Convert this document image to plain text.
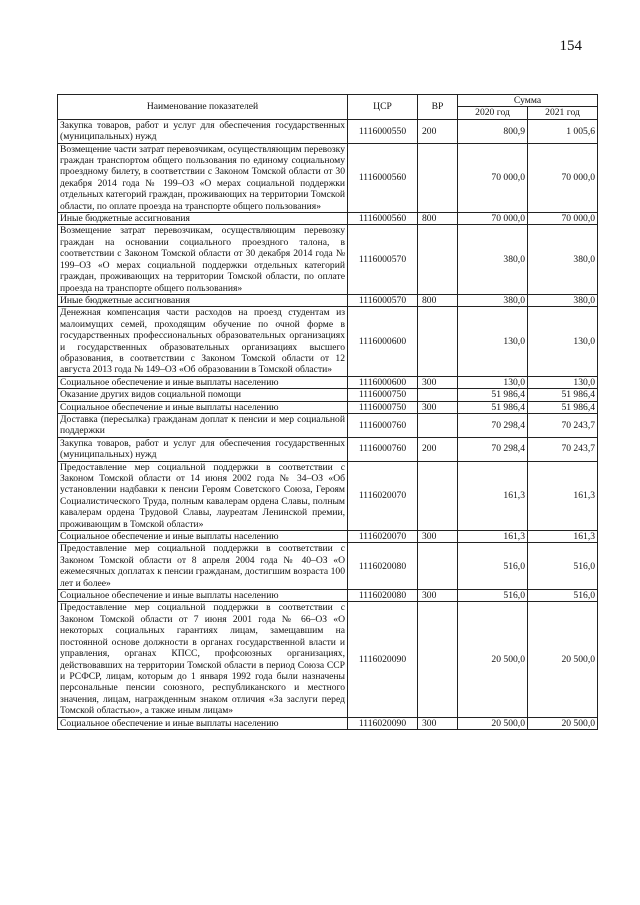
154
Наименование показателей	ЦСР	ВР	Сумма	
			2020 год	2021 год
Закупка товаров, работ и услуг для обеспечения государственных (муниципальных) нужд	1116000550	200	800,9	1 005,6
Возмещение части затрат перевозчикам, осуществляющим перевозку граждан транспортом общего пользования по единому социальному проездному билету, в соответствии с Законом Томской области от 30 декабря 2014 года № 199–ОЗ «О мерах социальной поддержки отдельных категорий граждан, проживающих на территории Томской области, по оплате проезда на транспорте общего пользования»	1116000560		70 000,0	70 000,0
Иные бюджетные ассигнования	1116000560	800	70 000,0	70 000,0
Возмещение затрат перевозчикам, осуществляющим перевозку граждан на основании социального проездного талона, в соответствии с Законом Томской области от 30 декабря 2014 года № 199–ОЗ «О мерах социальной поддержки отдельных категорий граждан, проживающих на территории Томской области, по оплате проезда на транспорте общего пользования»	1116000570		380,0	380,0
Иные бюджетные ассигнования	1116000570	800	380,0	380,0
Денежная компенсация части расходов на проезд студентам из малоимущих семей, проходящим обучение по очной форме в государственных профессиональных образовательных организациях и государственных образовательных организациях высшего образования, в соответствии с Законом Томской области от 12 августа 2013 года № 149–ОЗ «Об образовании в Томской области»	1116000600		130,0	130,0
Социальное обеспечение и иные выплаты населению	1116000600	300	130,0	130,0
Оказание других видов социальной помощи	1116000750		51 986,4	51 986,4
Социальное обеспечение и иные выплаты населению	1116000750	300	51 986,4	51 986,4
Доставка (пересылка) гражданам доплат к пенсии и мер социальной поддержки	1116000760		70 298,4	70 243,7
Закупка товаров, работ и услуг для обеспечения государственных (муниципальных) нужд	1116000760	200	70 298,4	70 243,7
Предоставление мер социальной поддержки в соответствии с Законом Томской области от 14 июня 2002 года № 34–ОЗ «Об установлении надбавки к пенсии Героям Советского Союза, Героям Социалистического Труда, полным кавалерам ордена Славы, полным кавалерам ордена Трудовой Славы, лауреатам Ленинской премии, проживающим в Томской области»	1116020070		161,3	161,3
Социальное обеспечение и иные выплаты населению	1116020070	300	161,3	161,3
Предоставление мер социальной поддержки в соответствии с Законом Томской области от 8 апреля 2004 года № 40–ОЗ «О ежемесячных доплатах к пенсии гражданам, достигшим возраста 100 лет и более»	1116020080		516,0	516,0
Социальное обеспечение и иные выплаты населению	1116020080	300	516,0	516,0
Предоставление мер социальной поддержки в соответствии с Законом Томской области от 7 июня 2001 года № 66–ОЗ «О некоторых социальных гарантиях лицам, замещавшим на постоянной основе должности в органах государственной власти и управления, органах КПСС, профсоюзных организациях, действовавших на территории Томской области в период Союза ССР и РСФСР, лицам, которым до 1 января 1992 года были назначены персональные пенсии союзного, республиканского и местного значения, лицам, награжденным знаком отличия «За заслуги перед Томской областью», а также иным лицам»	1116020090		20 500,0	20 500,0
Социальное обеспечение и иные выплаты населению	1116020090	300	20 500,0	20 500,0
